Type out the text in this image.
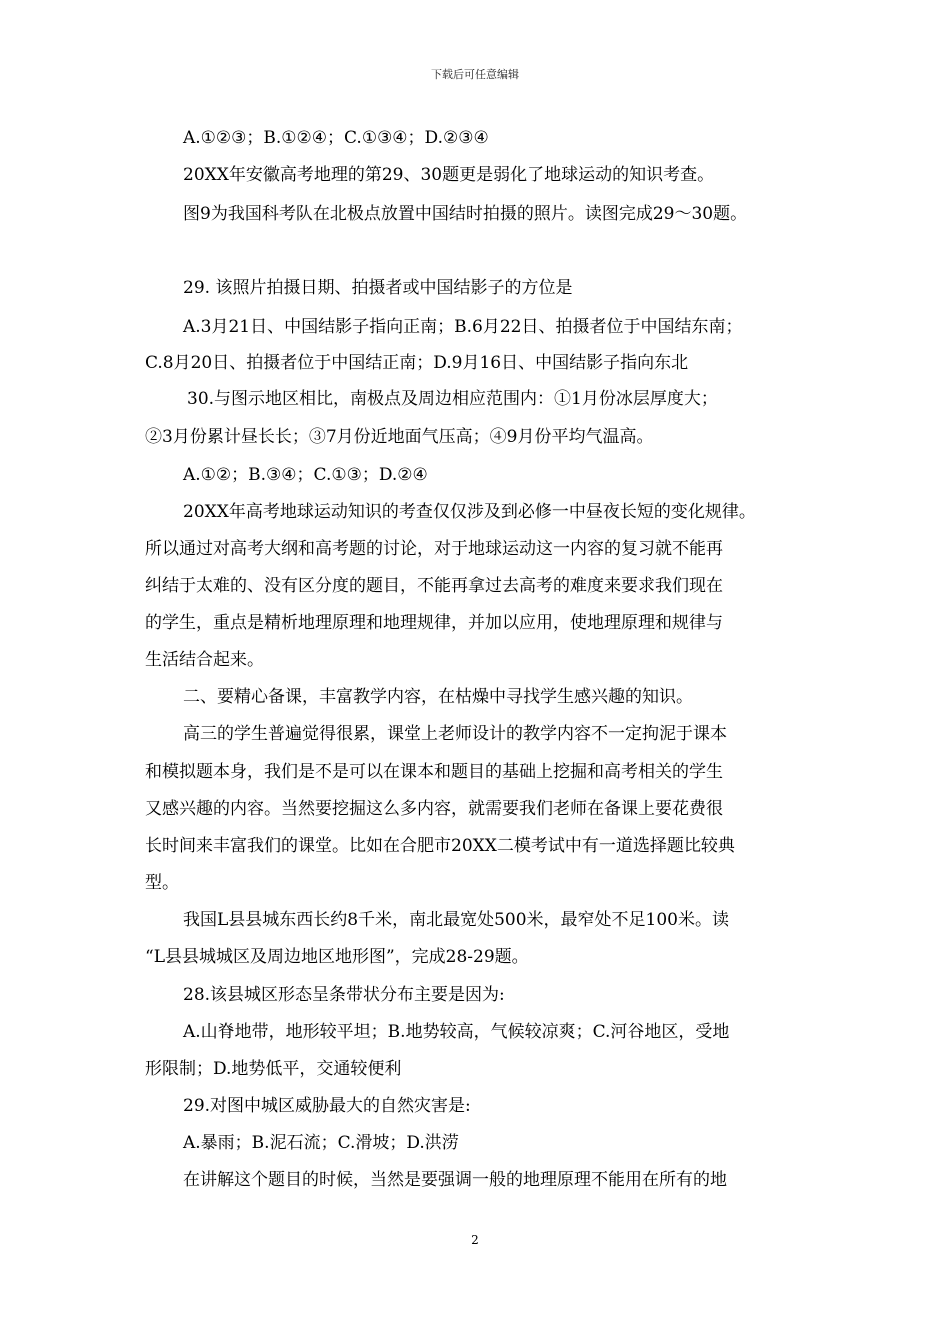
下载后可任意编辑
A.①②③；B.①②④；C.①③④；D.②③④
20XX年安徽高考地理的第29、30题更是弱化了地球运动的知识考查。
图9为我国科考队在北极点放置中国结时拍摄的照片。读图完成29～30题。
29. 该照片拍摄日期、拍摄者或中国结影子的方位是
A.3月21日、中国结影子指向正南；B.6月22日、拍摄者位于中国结东南；
C.8月20日、拍摄者位于中国结正南；D.9月16日、中国结影子指向东北
30.与图示地区相比，南极点及周边相应范围内：①1月份冰层厚度大；
②3月份累计昼长长；③7月份近地面气压高；④9月份平均气温高。
A.①②；B.③④；C.①③；D.②④
20XX年高考地球运动知识的考查仅仅涉及到必修一中昼夜长短的变化规律。
所以通过对高考大纲和高考题的讨论，对于地球运动这一内容的复习就不能再
纠结于太难的、没有区分度的题目，不能再拿过去高考的难度来要求我们现在
的学生，重点是精析地理原理和地理规律，并加以应用，使地理原理和规律与
生活结合起来。
二、要精心备课，丰富教学内容，在枯燥中寻找学生感兴趣的知识。
高三的学生普遍觉得很累，课堂上老师设计的教学内容不一定拘泥于课本
和模拟题本身，我们是不是可以在课本和题目的基础上挖掘和高考相关的学生
又感兴趣的内容。当然要挖掘这么多内容，就需要我们老师在备课上要花费很
长时间来丰富我们的课堂。比如在合肥市20XX二模考试中有一道选择题比较典
型。
我国L县县城东西长约8千米，南北最宽处500米，最窄处不足100米。读
“L县县城城区及周边地区地形图”，完成28-29题。
28.该县城区形态呈条带状分布主要是因为:
A.山脊地带，地形较平坦；B.地势较高，气候较凉爽；C.河谷地区，受地
形限制；D.地势低平，交通较便利
29.对图中城区威胁最大的自然灾害是:
A.暴雨；B.泥石流；C.滑坡；D.洪涝
在讲解这个题目的时候，当然是要强调一般的地理原理不能用在所有的地
2
